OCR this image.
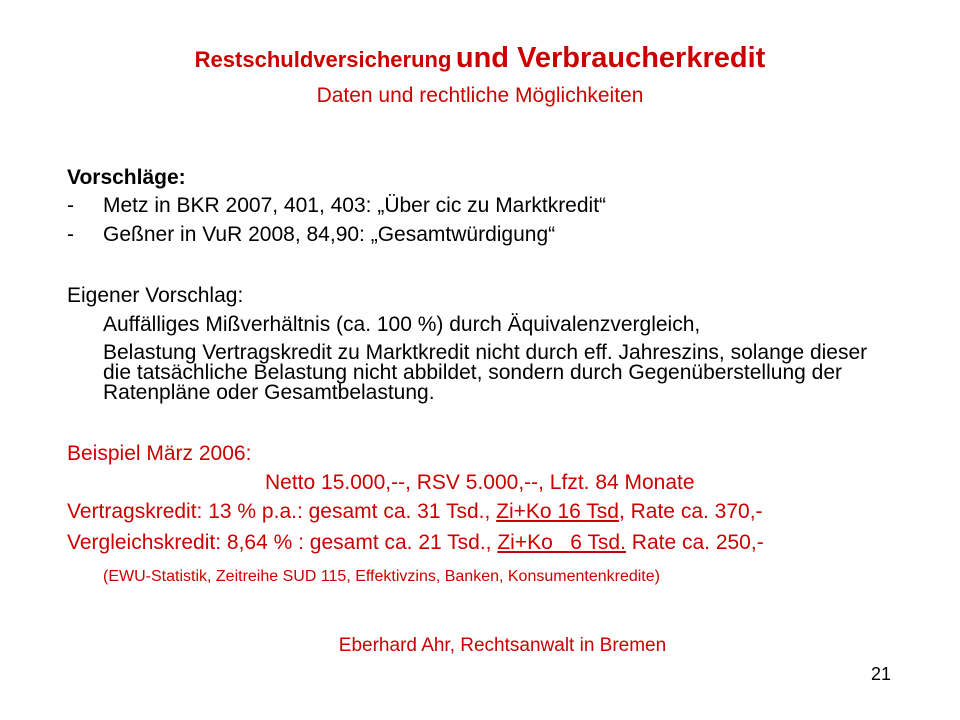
Restschuldversicherung und Verbraucherkredit
Daten und rechtliche Möglichkeiten
Vorschläge:
- Metz in BKR 2007, 401, 403: „Über cic zu Marktkredit“
- Geßner in VuR 2008, 84,90: „Gesamtwürdigung“
Eigener Vorschlag:
Auffälliges Mißverhältnis (ca. 100 %) durch Äquivalenzvergleich,
Belastung Vertragskredit zu Marktkredit nicht durch eff. Jahreszins, solange dieser die tatsächliche Belastung nicht abbildet, sondern durch Gegenüberstellung der Ratenpläne oder Gesamtbelastung.
Beispiel März 2006:
Netto 15.000,--, RSV 5.000,--, Lfzt. 84 Monate
Vertragskredit: 13 % p.a.: gesamt ca. 31 Tsd., Zi+Ko 16 Tsd, Rate ca. 370,-
Vergleichskredit: 8,64 % : gesamt ca. 21 Tsd., Zi+Ko   6 Tsd. Rate ca. 250,-
(EWU-Statistik, Zeitreihe SUD 115, Effektivzins, Banken, Konsumentenkredite)
Eberhard Ahr, Rechtsanwalt in Bremen
21
